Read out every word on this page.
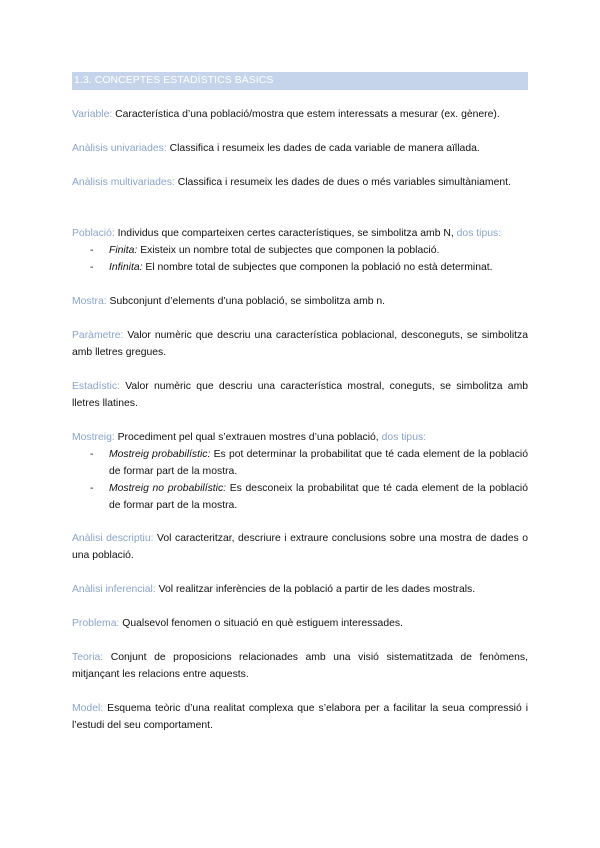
1.3. CONCEPTES ESTADÍSTICS BÀSICS

Variable: Característica d’una població/mostra que estem interessats a mesurar (ex. gènere).

Anàlisis univariades: Classifica i resumeix les dades de cada variable de manera aïllada.

Anàlisis multivariades: Classifica i resumeix les dades de dues o més variables simultàniament.

Població: Individus que comparteixen certes característiques, se simbolitza amb N, dos tipus:

- Finita: Existeix un nombre total de subjectes que componen la població.
- Infinita: El nombre total de subjectes que componen la població no està determinat.

Mostra: Subconjunt d’elements d’una població, se simbolitza amb n.

Paràmetre: Valor numèric que descriu una característica poblacional, desconeguts, se simbolitza amb lletres gregues.

Estadístic: Valor numèric que descriu una característica mostral, coneguts, se simbolitza amb lletres llatines.

Mostreig: Procediment pel qual s’extrauen mostres d’una població, dos tipus:

- Mostreig probabilístic: Es pot determinar la probabilitat que té cada element de la població de formar part de la mostra.
- Mostreig no probabilístic: Es desconeix la probabilitat que té cada element de la població de formar part de la mostra.

Anàlisi descriptiu: Vol caracteritzar, descriure i extraure conclusions sobre una mostra de dades o una població.

Anàlisi inferencial: Vol realitzar inferències de la població a partir de les dades mostrals.

Problema: Qualsevol fenomen o situació en què estiguem interessades.

Teoria: Conjunt de proposicions relacionades amb una visió sistematitzada de fenòmens, mitjançant les relacions entre aquests.

Model: Esquema teòric d’una realitat complexa que s’elabora per a facilitar la seua compressió i l’estudi del seu comportament.
